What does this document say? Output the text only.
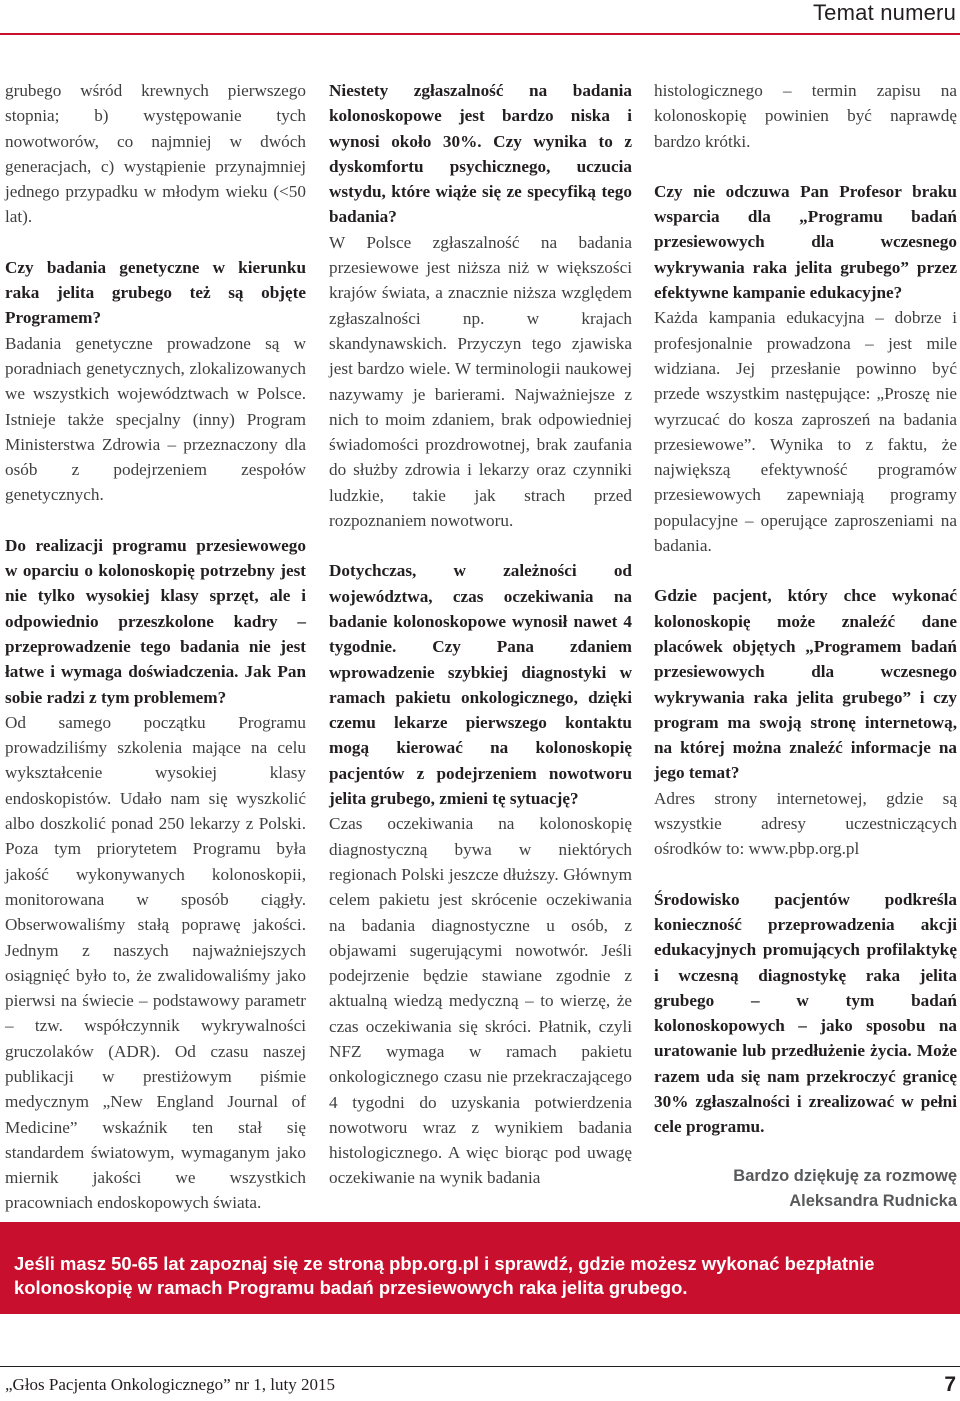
Temat numeru

grubego wśród krewnych pierwszego stopnia; b) występowanie tych nowotworów, co najmniej w dwóch generacjach, c) wystąpienie przynajmniej jednego przypadku w młodym wieku (<50 lat).

Czy badania genetyczne w kierunku raka jelita grubego też są objęte Programem?

Badania genetyczne prowadzone są w poradniach genetycznych, zlokalizowanych we wszystkich województwach w Polsce. Istnieje także specjalny (inny) Program Ministerstwa Zdrowia – przeznaczony dla osób z podejrzeniem zespołów genetycznych.

Do realizacji programu przesiewowego w oparciu o kolonoskopię potrzebny jest nie tylko wysokiej klasy sprzęt, ale i odpowiednio przeszkolone kadry – przeprowadzenie tego badania nie jest łatwe i wymaga doświadczenia. Jak Pan sobie radzi z tym problemem?

Od samego początku Programu prowadziliśmy szkolenia mające na celu wykształcenie wysokiej klasy endoskopistów. Udało nam się wyszkolić albo doszkolić ponad 250 lekarzy z Polski. Poza tym priorytetem Programu była jakość wykonywanych kolonoskopii, monitorowana w sposób ciągły. Obserwowaliśmy stałą poprawę jakości. Jednym z naszych najważniejszych osiągnięć było to, że zwalidowaliśmy jako pierwsi na świecie – podstawowy parametr – tzw. współczynnik wykrywalności gruczolaków (ADR). Od czasu naszej publikacji w prestiżowym piśmie medycznym „New England Journal of Medicine” wskaźnik ten stał się standardem światowym, wymaganym jako miernik jakości we wszystkich pracowniach endoskopowych świata.

Niestety zgłaszalność na badania kolonoskopowe jest bardzo niska i wynosi około 30%. Czy wynika to z dyskomfortu psychicznego, uczucia wstydu, które wiąże się ze specyfiką tego badania?

W Polsce zgłaszalność na badania przesiewowe jest niższa niż w większości krajów świata, a znacznie niższa względem zgłaszalności np. w krajach skandynawskich. Przyczyn tego zjawiska jest bardzo wiele. W terminologii naukowej nazywamy je barierami. Najważniejsze z nich to moim zdaniem, brak odpowiedniej świadomości prozdrowotnej, brak zaufania do służby zdrowia i lekarzy oraz czynniki ludzkie, takie jak strach przed rozpoznaniem nowotworu.

Dotychczas, w zależności od województwa, czas oczekiwania na badanie kolonoskopowe wynosił nawet 4 tygodnie. Czy Pana zdaniem wprowadzenie szybkiej diagnostyki w ramach pakietu onkologicznego, dzięki czemu lekarze pierwszego kontaktu mogą kierować na kolonoskopię pacjentów z podejrzeniem nowotworu jelita grubego, zmieni tę sytuację?

Czas oczekiwania na kolonoskopię diagnostyczną bywa w niektórych regionach Polski jeszcze dłuższy. Głównym celem pakietu jest skrócenie oczekiwania na badania diagnostyczne u osób, z objawami sugerującymi nowotwór. Jeśli podejrzenie będzie stawiane zgodnie z aktualną wiedzą medyczną – to wierzę, że czas oczekiwania się skróci. Płatnik, czyli NFZ wymaga w ramach pakietu onkologicznego czasu nie przekraczającego 4 tygodni do uzyskania potwierdzenia nowotworu wraz z wynikiem badania histologicznego. A więc biorąc pod uwagę oczekiwanie na wynik badania

histologicznego – termin zapisu na kolonoskopię powinien być naprawdę bardzo krótki.

Czy nie odczuwa Pan Profesor braku wsparcia dla „Programu badań przesiewowych dla wczesnego wykrywania raka jelita grubego” przez efektywne kampanie edukacyjne?

Każda kampania edukacyjna – dobrze i profesjonalnie prowadzona – jest mile widziana. Jej przesłanie powinno być przede wszystkim następujące: „Proszę nie wyrzucać do kosza zaproszeń na badania przesiewowe”. Wynika to z faktu, że największą efektywność programów przesiewowych zapewniają programy populacyjne – operujące zaproszeniami na badania.

Gdzie pacjent, który chce wykonać kolonoskopię może znaleźć dane placówek objętych „Programem badań przesiewowych dla wczesnego wykrywania raka jelita grubego” i czy program ma swoją stronę internetową, na której można znaleźć informacje na jego temat?

Adres strony internetowej, gdzie są wszystkie adresy uczestniczących ośrodków to: www.pbp.org.pl

Środowisko pacjentów podkreśla konieczność przeprowadzenia akcji edukacyjnych promujących profilaktykę i wczesną diagnostykę raka jelita grubego – w tym badań kolonoskopowych – jako sposobu na uratowanie lub przedłużenie życia. Może razem uda się nam przekroczyć granicę 30% zgłaszalności i zrealizować w pełni cele programu.

Bardzo dziękuję za rozmowę
Aleksandra Rudnicka
Jeśli masz 50-65 lat zapoznaj się ze stroną pbp.org.pl i sprawdź, gdzie możesz wykonać bezpłatnie kolonoskopię w ramach Programu badań przesiewowych raka jelita grubego.
„Głos Pacjenta Onkologicznego” nr 1, luty 2015	7
